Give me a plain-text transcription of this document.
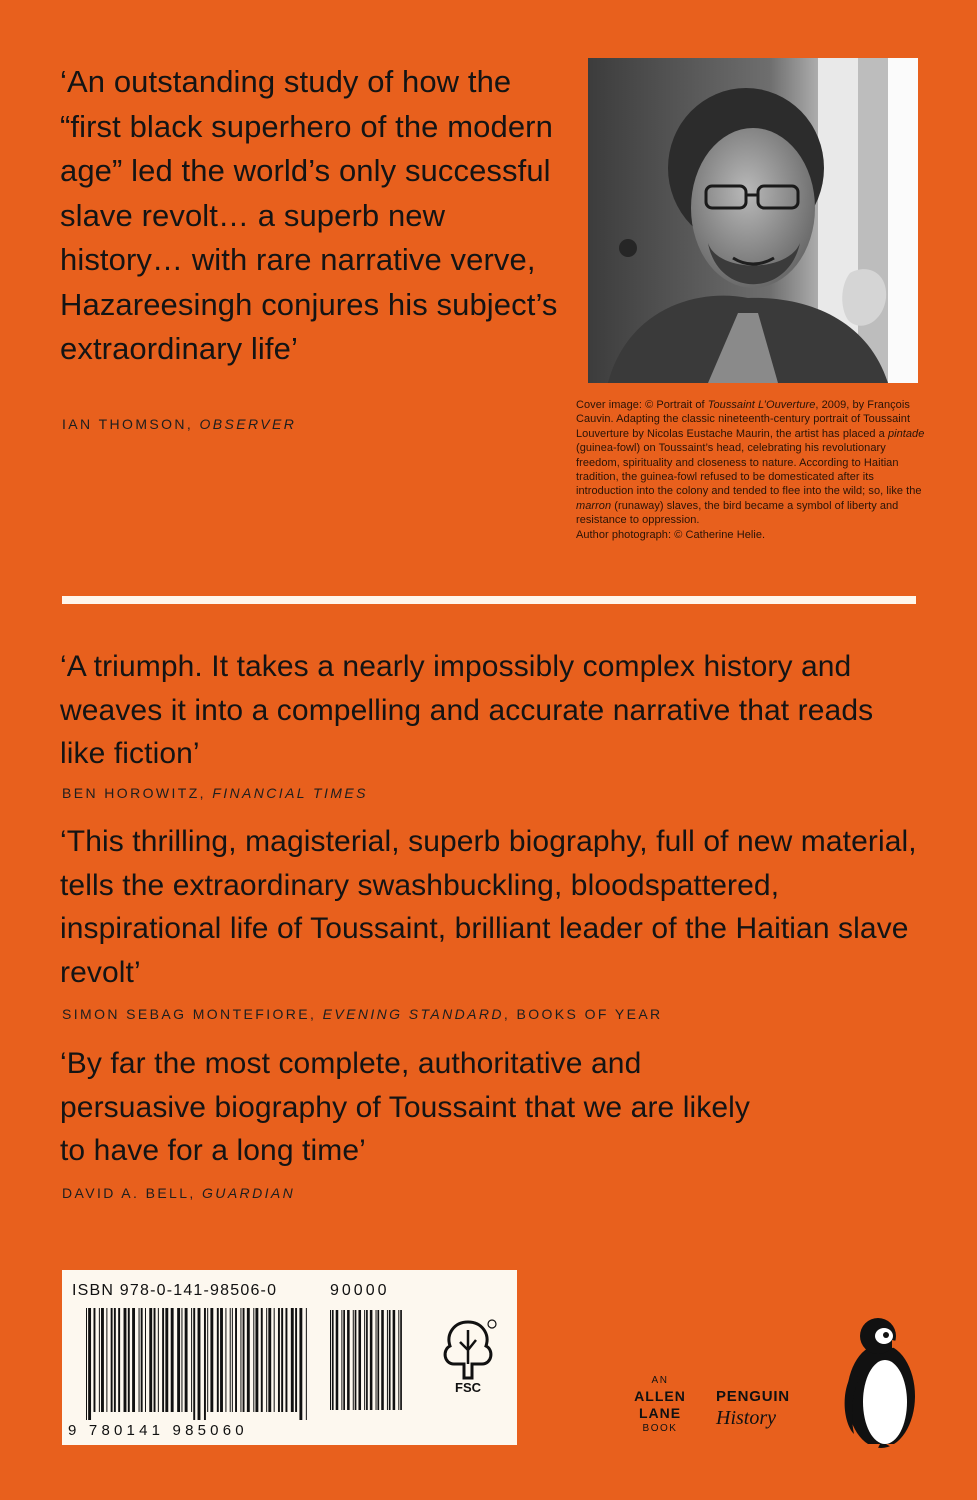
‘An outstanding study of how the “first black superhero of the modern age” led the world’s only successful slave revolt… a superb new history… with rare narrative verve, Hazareesingh conjures his subject’s extraordinary life’

IAN THOMSON, OBSERVER

Cover image: © Portrait of Toussaint L’Ouverture, 2009, by François Cauvin. Adapting the classic nineteenth-century portrait of Toussaint Louverture by Nicolas Eustache Maurin, the artist has placed a pintade (guinea-fowl) on Toussaint’s head, celebrating his revolutionary freedom, spirituality and closeness to nature. According to Haitian tradition, the guinea-fowl refused to be domesticated after its introduction into the colony and tended to flee into the wild; so, like the marron (runaway) slaves, the bird became a symbol of liberty and resistance to oppression.
Author photograph: © Catherine Helie.

‘A triumph. It takes a nearly impossibly complex history and weaves it into a compelling and accurate narrative that reads like fiction’

BEN HOROWITZ, FINANCIAL TIMES

‘This thrilling, magisterial, superb biography, full of new material, tells the extraordinary swashbuckling, bloodspattered, inspirational life of Toussaint, brilliant leader of the Haitian slave revolt’

SIMON SEBAG MONTEFIORE, EVENING STANDARD, BOOKS OF YEAR

‘By far the most complete, authoritative and persuasive biography of Toussaint that we are likely to have for a long time’

DAVID A. BELL, GUARDIAN

ISBN 978-0-141-98506-0	90000

FSC

9 780141 985060

AN
ALLEN LANE
BOOK
PENGUIN
History
